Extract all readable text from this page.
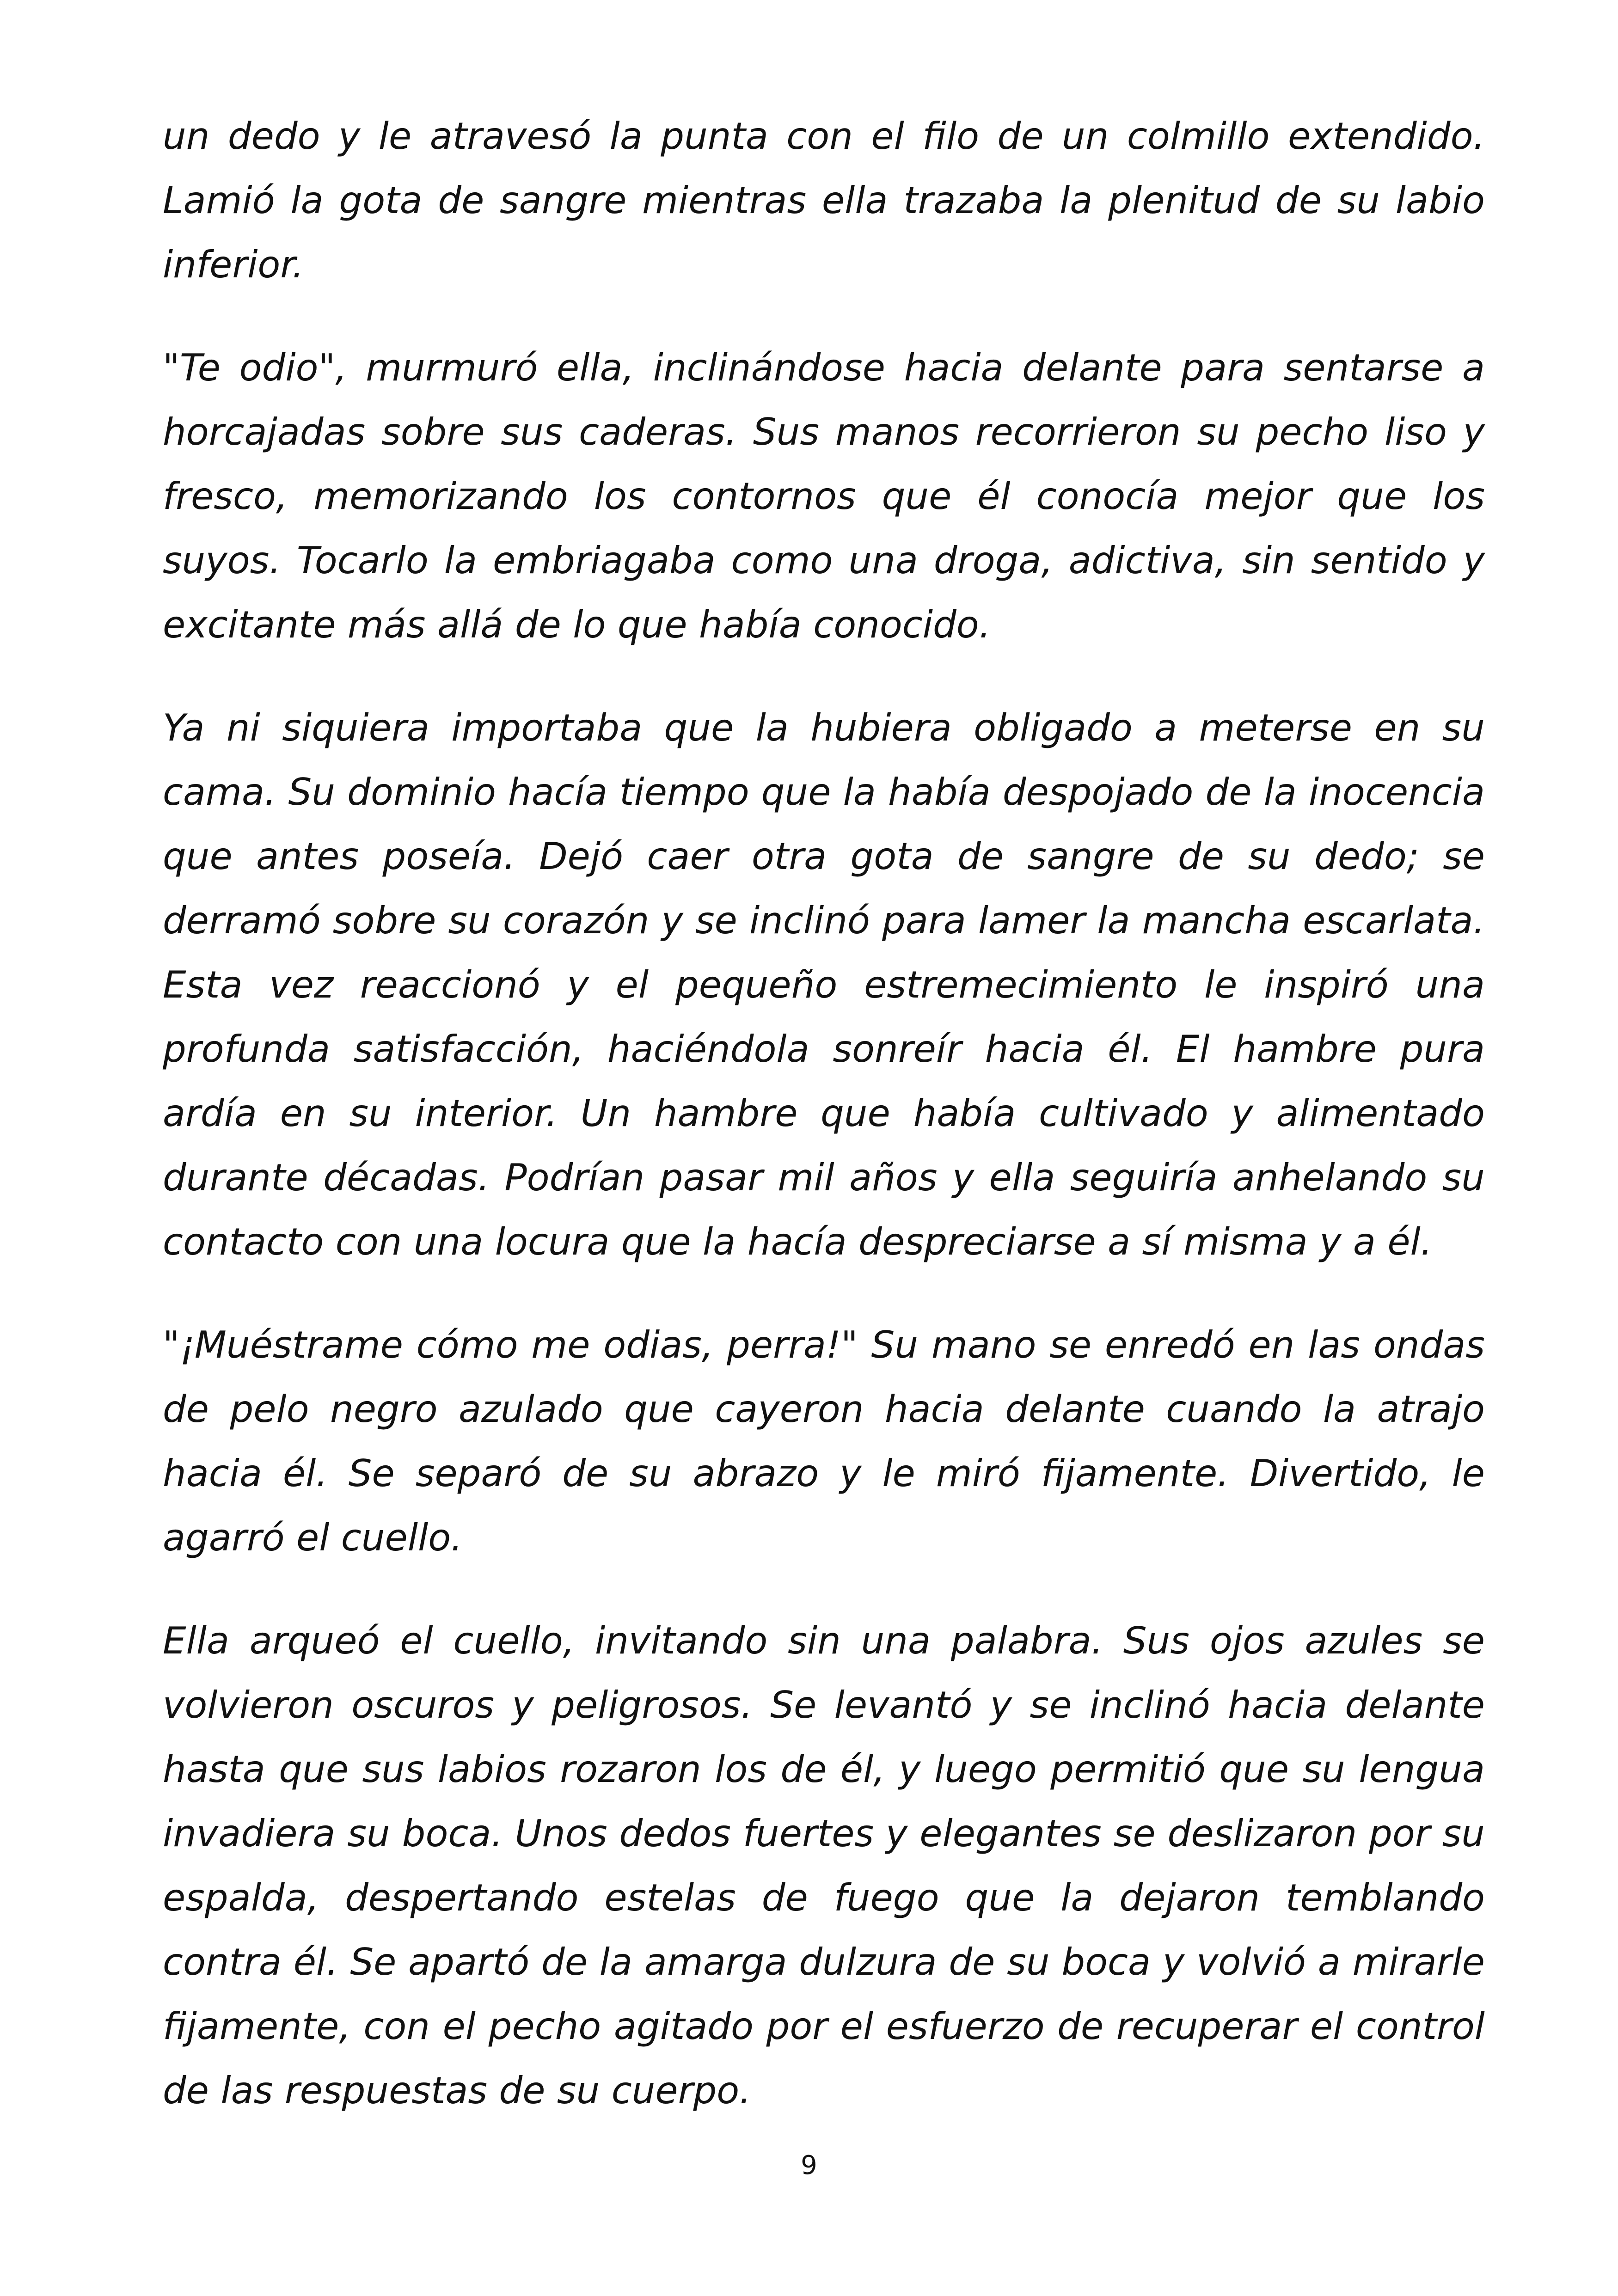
un dedo y le atravesó la punta con el filo de un colmillo extendido. Lamió la gota de sangre mientras ella trazaba la plenitud de su labio inferior.

"Te odio", murmuró ella, inclinándose hacia delante para sentarse a horcajadas sobre sus caderas. Sus manos recorrieron su pecho liso y fresco, memorizando los contornos que él conocía mejor que los suyos. Tocarlo la embriagaba como una droga, adictiva, sin sentido y excitante más allá de lo que había conocido.

Ya ni siquiera importaba que la hubiera obligado a meterse en su cama. Su dominio hacía tiempo que la había despojado de la inocencia que antes poseía. Dejó caer otra gota de sangre de su dedo; se derramó sobre su corazón y se inclinó para lamer la mancha escarlata. Esta vez reaccionó y el pequeño estremecimiento le inspiró una profunda satisfacción, haciéndola sonreír hacia él. El hambre pura ardía en su interior. Un hambre que había cultivado y alimentado durante décadas. Podrían pasar mil años y ella seguiría anhelando su contacto con una locura que la hacía despreciarse a sí misma y a él.

"¡Muéstrame cómo me odias, perra!" Su mano se enredó en las ondas de pelo negro azulado que cayeron hacia delante cuando la atrajo hacia él. Se separó de su abrazo y le miró fijamente. Divertido, le agarró el cuello.

Ella arqueó el cuello, invitando sin una palabra. Sus ojos azules se volvieron oscuros y peligrosos. Se levantó y se inclinó hacia delante hasta que sus labios rozaron los de él, y luego permitió que su lengua invadiera su boca. Unos dedos fuertes y elegantes se deslizaron por su espalda, despertando estelas de fuego que la dejaron temblando contra él. Se apartó de la amarga dulzura de su boca y volvió a mirarle fijamente, con el pecho agitado por el esfuerzo de recuperar el control de las respuestas de su cuerpo.

9
